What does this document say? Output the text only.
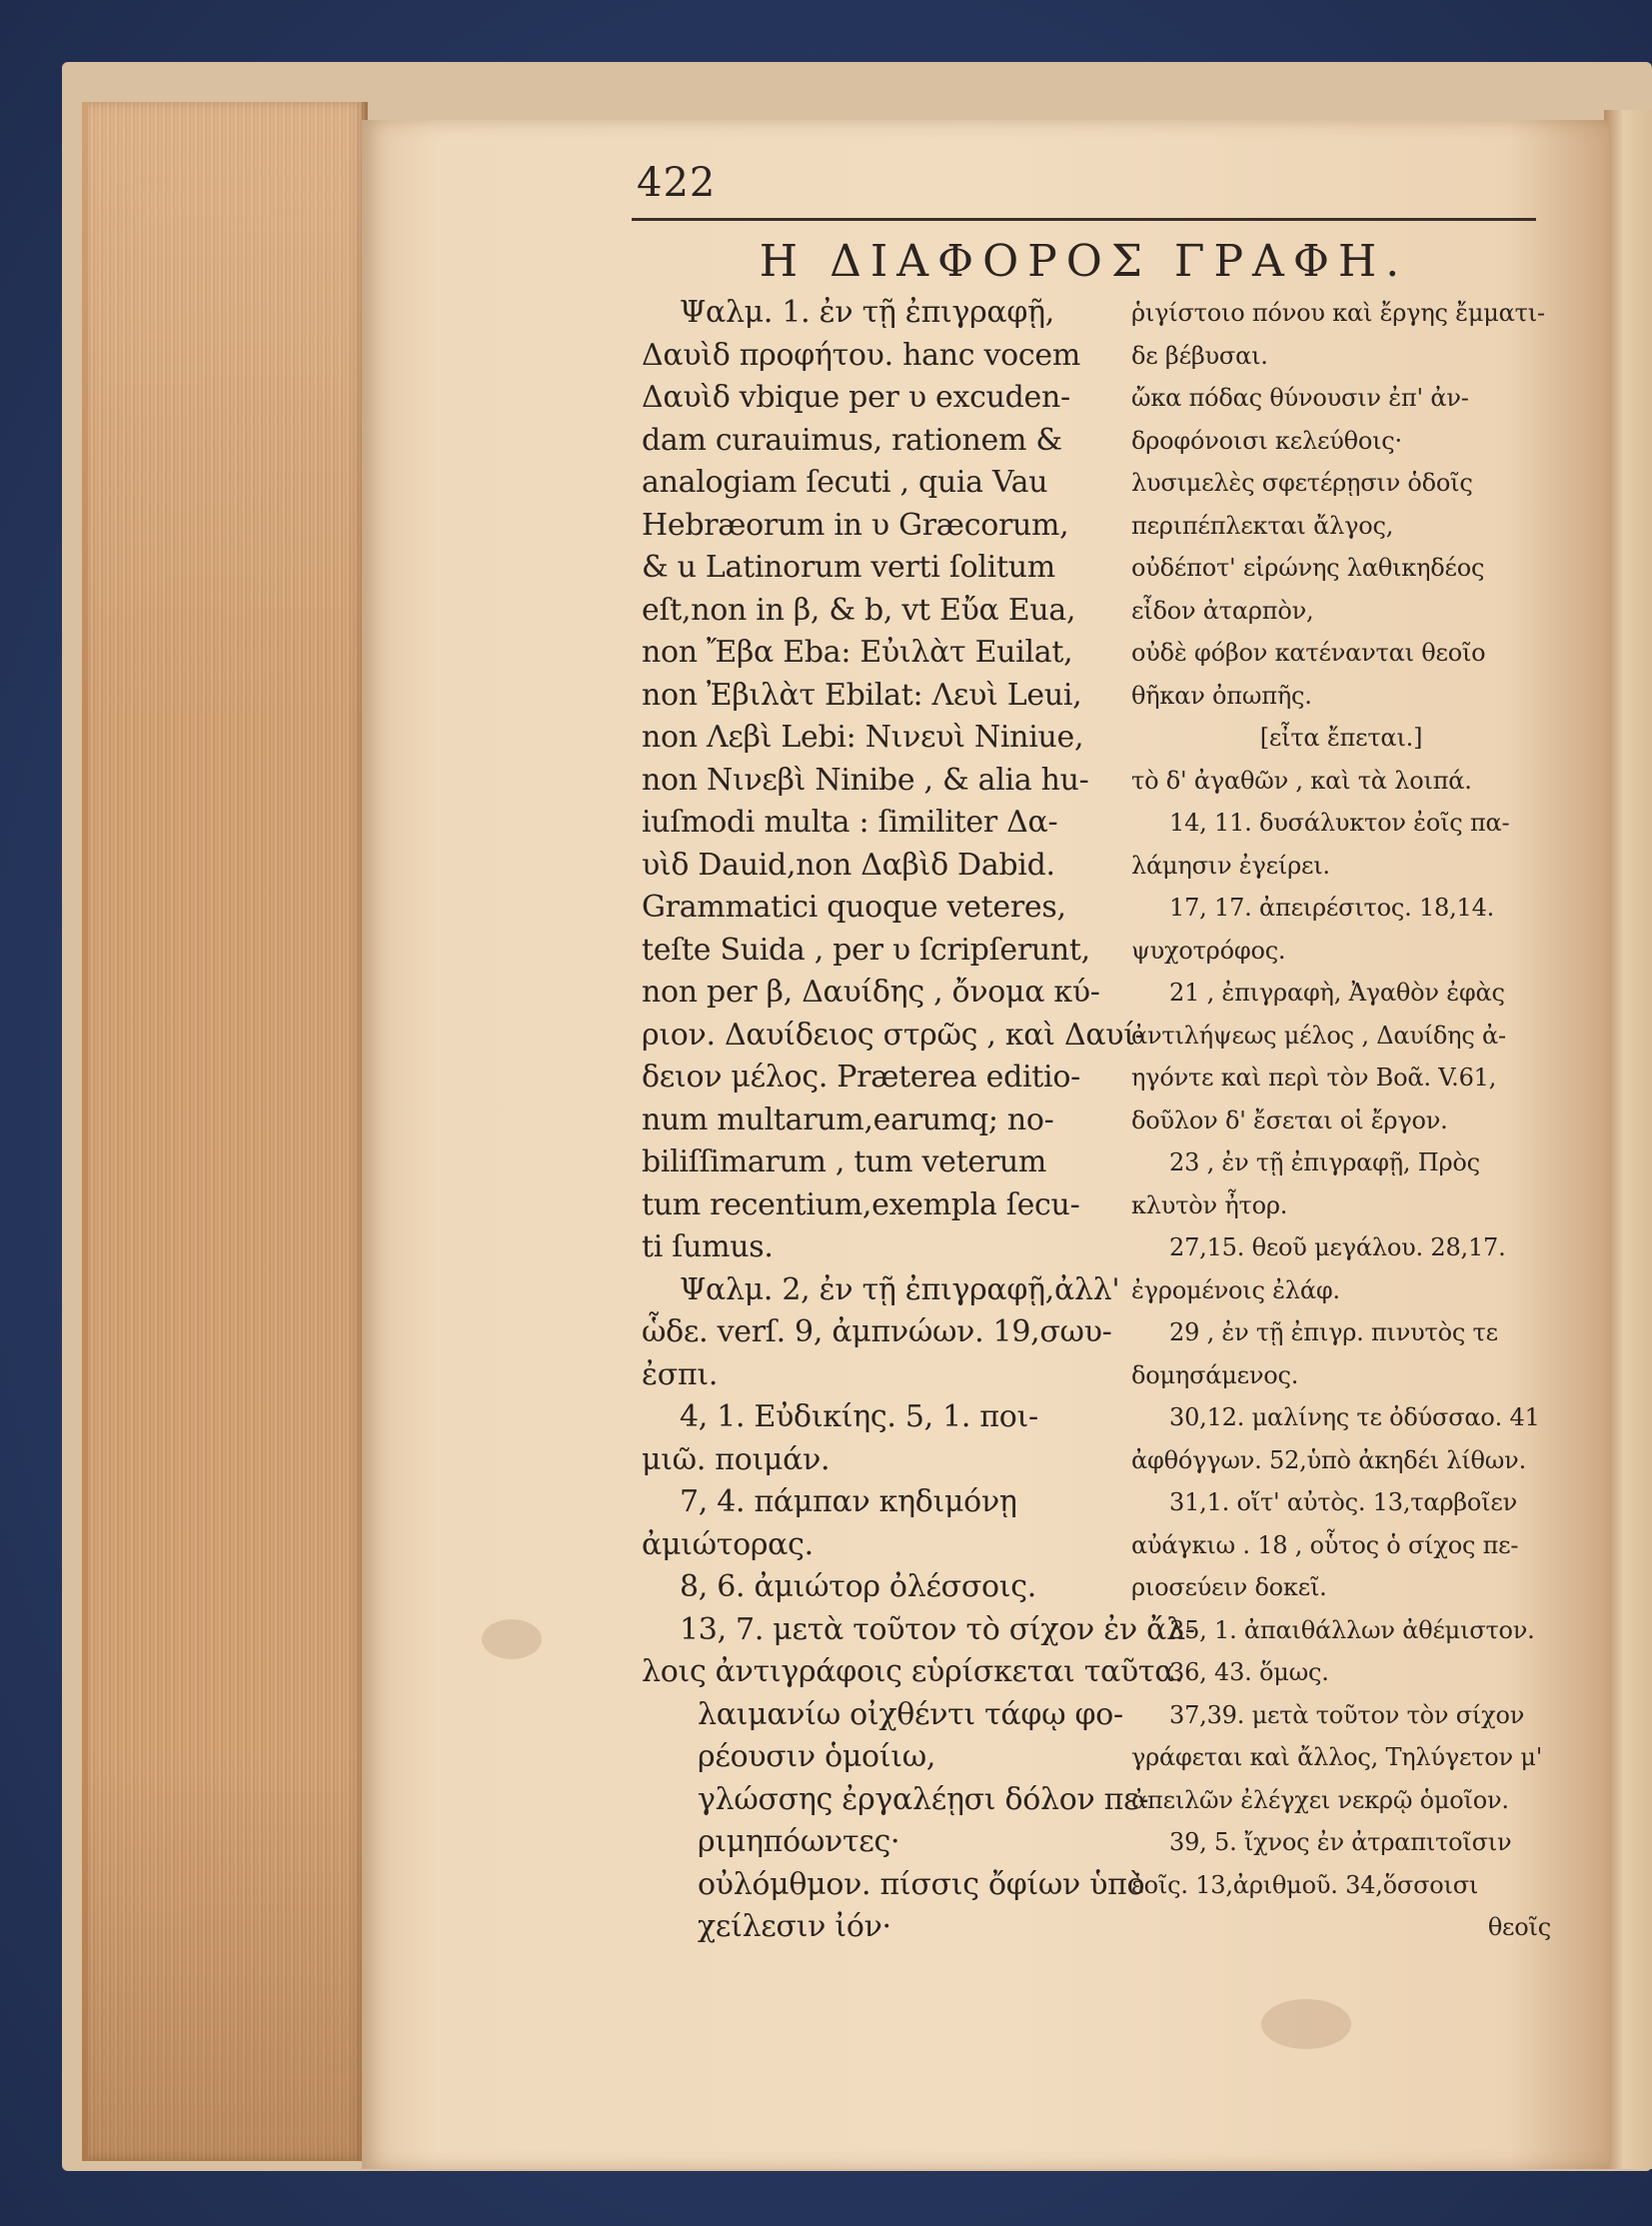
422
Η ΔΙΑΦΟΡΟΣ ΓΡΑΦΗ.
Ψαλμ. 1. ἐν τῇ ἐπιγραφῇ,
Δαυὶδ προφήτου. hanc vocem
Δαυὶδ vbique per υ excuden-
dam curauimus, rationem &
analogiam ſecuti , quia Vau
Hebræorum in υ Græcorum,
& u Latinorum verti ſolitum
eſt,non in β, & b, vt Εὔα Eua,
non Ἔβα Eba: Εὐιλὰτ Euilat,
non Ἐβιλὰτ Ebilat: Λευὶ Leui,
non Λεβὶ Lebi: Νινευὶ Niniue,
non Νινεβὶ Ninibe , & alia hu-
iuſmodi multa : ſimiliter Δα-
υὶδ Dauid,non Δαβὶδ Dabid.
Grammatici quoque veteres,
teſte Suida , per υ ſcripſerunt,
non per β, Δαυίδης , ὄνομα κύ-
ριον. Δαυίδειος στρῶς , καὶ Δαυί-
δειον μέλος. Præterea editio-
num multarum,earumq; no-
biliſſimarum , tum veterum
tum recentium,exempla ſecu-
ti ſumus.
Ψαλμ. 2, ἐν τῇ ἐπιγραφῇ,ἀλλ'
ὧδε. verſ. 9, ἀμπνώων. 19,σωυ-
ἐσπι.
4, 1. Εὐδικίης. 5, 1. ποι-
μιῶ. ποιμάν.
7, 4. πάμπαν κηδιμόνῃ
ἀμιώτορας.
8, 6. ἀμιώτορ ὀλέσσοις.
13, 7. μετὰ τοῦτον τὸ σίχον ἐν ἄλ-
λοις ἀντιγράφοις εὑρίσκεται ταῦτα.
λαιμανίω οἰχθέντι τάφῳ φο-
ρέουσιν ὁμοίιω,
γλώσσης ἐργαλέῃσι δόλον πε-
ριμηπόωντες·
οὐλόμθμον. πίσσις ὄφίων ὑπὸ
χείλεσιν ἰόν·
ῥιγίστοιο πόνου καὶ ἔργης ἔμματι-
δε βέβυσαι.
ὤκα πόδας θύνουσιν ἐπ' ἀν-
δροφόνοισι κελεύθοις·
λυσιμελὲς σφετέρῃσιν ὁδοῖς
περιπέπλεκται ἄλγος,
οὐδέποτ' εἰρώνης λαθικηδέος
εἶδον ἀταρπὸν,
οὐδὲ φόβον κατένανται θεοῖο
θῆκαν ὀπωπῆς.
[εἶτα ἔπεται.]
τὸ δ' ἀγαθῶν , καὶ τὰ λοιπά.
14, 11. δυσάλυκτον ἐοῖς πα-
λάμησιν ἐγείρει.
17, 17. ἀπειρέσιτος. 18,14.
ψυχοτρόφος.
21 , ἐπιγραφὴ, Ἀγαθὸν ἐφὰς
ἀντιλήψεως μέλος , Δαυίδης ἀ-
ηγόντε καὶ περὶ τὸν Βοᾶ. V.61,
δοῦλον δ' ἔσεται οἱ ἔργον.
23 , ἐν τῇ ἐπιγραφῇ, Πρὸς
κλυτὸν ἦτορ.
27,15. θεοῦ μεγάλου. 28,17.
ἐγρομένοις ἐλάφ.
29 , ἐν τῇ ἐπιγρ. πινυτὸς τε
δομησάμενος.
30,12. μαλίνης τε ὀδύσσαο. 41
ἀφθόγγων. 52,ὑπὸ ἀκηδέι λίθων.
31,1. οἵτ' αὐτὸς. 13,ταρβοῖεν
αὐάγκιω . 18 , οὗτος ὁ σίχος πε-
ριοσεύειν δοκεῖ.
35, 1. ἀπαιθάλλων ἀθέμιστον.
36, 43. ὅμως.
37,39. μετὰ τοῦτον τὸν σίχον
γράφεται καὶ ἄλλος, Τηλύγετον μ'
ἀπειλῶν ἐλέγχει νεκρῷ ὁμοῖον.
39, 5. ἴχνος ἐν ἀτραπιτοῖσιν
ἑοῖς. 13,ἀριθμοῦ. 34,ὅσσοισι
θεοῖς
